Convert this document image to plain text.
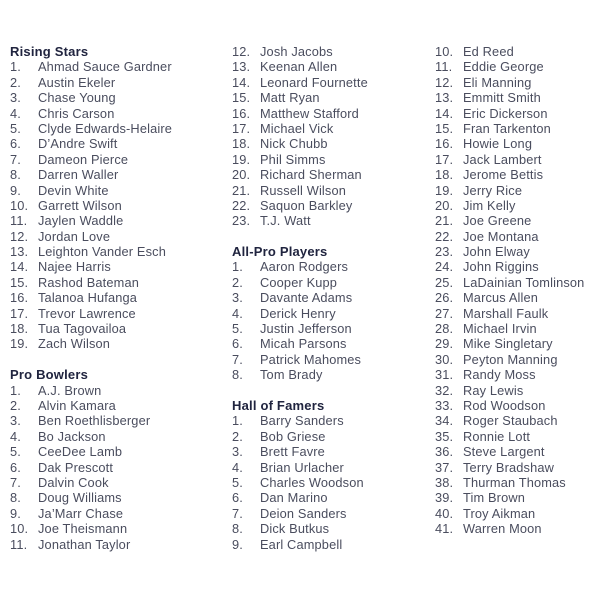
Rising Stars
1.	Ahmad Sauce Gardner
2.	Austin Ekeler
3.	Chase Young
4.	Chris Carson
5.	Clyde Edwards-Helaire
6.	D’Andre Swift
7.	Dameon Pierce
8.	Darren Waller
9.	Devin White
10. Garrett Wilson
11. Jaylen Waddle
12. Jordan Love
13. Leighton Vander Esch
14. Najee Harris
15. Rashod Bateman
16. Talanoa Hufanga
17. Trevor Lawrence
18. Tua Tagovailoa
19. Zach Wilson
Pro Bowlers
1.	A.J. Brown
2.	Alvin Kamara
3.	Ben Roethlisberger
4.	Bo Jackson
5.	CeeDee Lamb
6.	Dak Prescott
7.	Dalvin Cook
8.	Doug Williams
9.	Ja’Marr Chase
10. Joe Theismann
11. Jonathan Taylor
12. Josh Jacobs
13. Keenan Allen
14. Leonard Fournette
15. Matt Ryan
16. Matthew Stafford
17. Michael Vick
18. Nick Chubb
19. Phil Simms
20. Richard Sherman
21. Russell Wilson
22. Saquon Barkley
23. T.J. Watt
All-Pro Players
1.	Aaron Rodgers
2.	Cooper Kupp
3.	Davante Adams
4.	Derick Henry
5.	Justin Jefferson
6.	Micah Parsons
7.	Patrick Mahomes
8.	Tom Brady
Hall of Famers
1.	Barry Sanders
2.	Bob Griese
3.	Brett Favre
4.	Brian Urlacher
5.	Charles Woodson
6.	Dan Marino
7.	Deion Sanders
8.	Dick Butkus
9.	Earl Campbell
10. Ed Reed
11. Eddie George
12. Eli Manning
13. Emmitt Smith
14. Eric Dickerson
15. Fran Tarkenton
16. Howie Long
17. Jack Lambert
18. Jerome Bettis
19. Jerry Rice
20. Jim Kelly
21. Joe Greene
22. Joe Montana
23. John Elway
24. John Riggins
25. LaDainian Tomlinson
26. Marcus Allen
27. Marshall Faulk
28. Michael Irvin
29. Mike Singletary
30. Peyton Manning
31. Randy Moss
32. Ray Lewis
33. Rod Woodson
34. Roger Staubach
35. Ronnie Lott
36. Steve Largent
37. Terry Bradshaw
38. Thurman Thomas
39. Tim Brown
40. Troy Aikman
41. Warren Moon
